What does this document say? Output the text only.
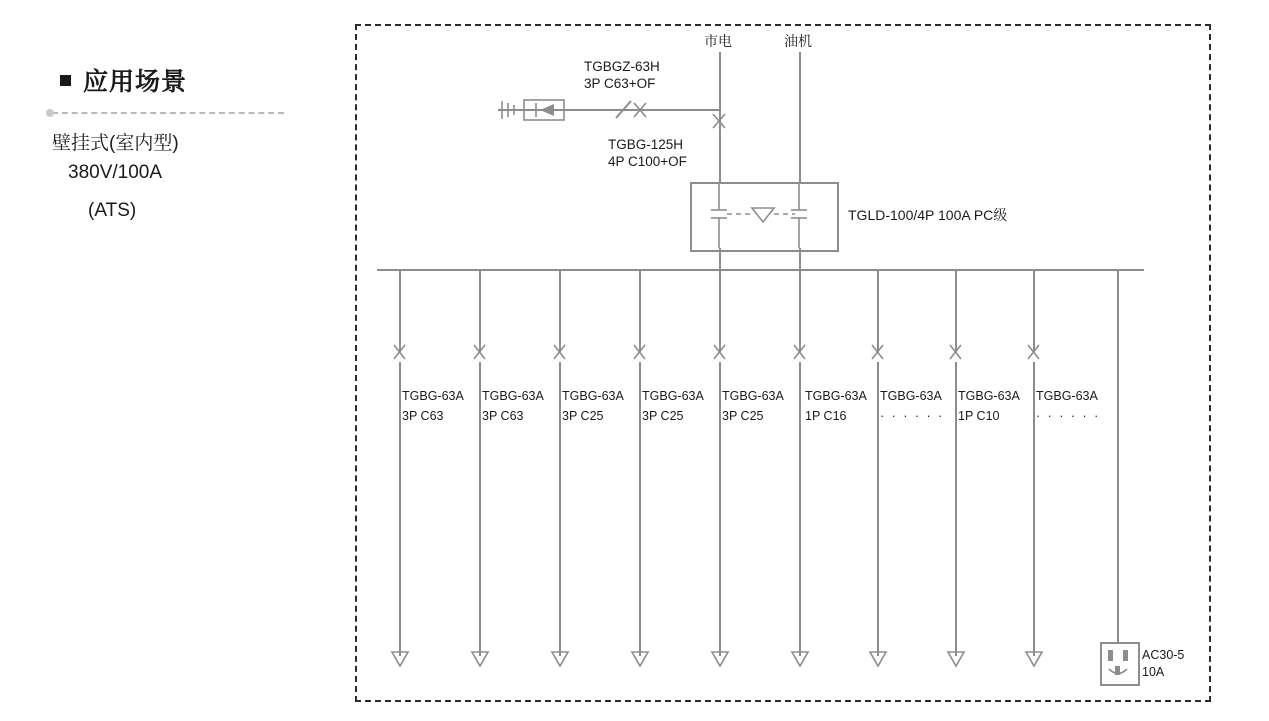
应用场景
壁挂式(室内型)
380V/100A
(ATS)
市电	油机
TGBGZ-63H
3P C63+OF
TGBG-125H
4P C100+OF
TGLD-100/4P 100A PC级
TGBG-63A
3P C63
TGBG-63A
3P C63
TGBG-63A
3P C25
TGBG-63A
3P C25
TGBG-63A
3P C25
TGBG-63A
1P C16
TGBG-63A
· · · · · ·
TGBG-63A
1P C10
TGBG-63A
· · · · · ·
AC30-5
10A
